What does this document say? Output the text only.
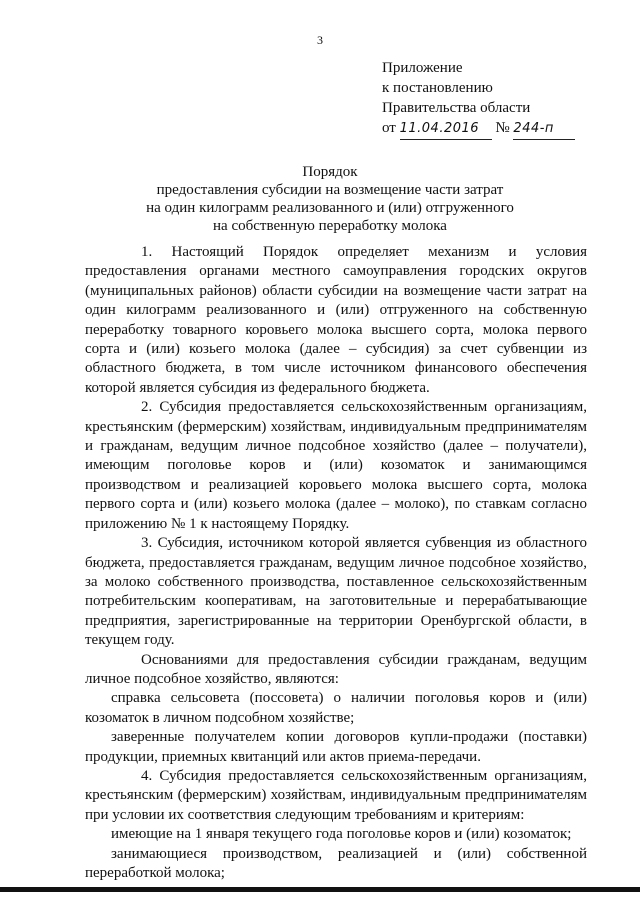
3
Приложение
к постановлению
Правительства области
от 11.04.2016 № 244-п
Порядок
предоставления субсидии на возмещение части затрат
на один килограмм реализованного и (или) отгруженного
на собственную переработку молока

1. Настоящий Порядок определяет механизм и условия предоставления органами местного самоуправления городских округов (муниципальных районов) области субсидии на возмещение части затрат на один килограмм реализованного и (или) отгруженного на собственную переработку товарного коровьего молока высшего сорта, молока первого сорта и (или) козьего молока (далее – субсидия) за счет субвенции из областного бюджета, в том числе источником финансового обеспечения которой является субсидия из федерального бюджета.

2. Субсидия предоставляется сельскохозяйственным организациям, крестьянским (фермерским) хозяйствам, индивидуальным предпринимателям и гражданам, ведущим личное подсобное хозяйство (далее – получатели), имеющим поголовье коров и (или) козоматок и занимающимся производством и реализацией коровьего молока высшего сорта, молока первого сорта и (или) козьего молока (далее – молоко), по ставкам согласно приложению № 1 к настоящему Порядку.

3. Субсидия, источником которой является субвенция из областного бюджета, предоставляется гражданам, ведущим личное подсобное хозяйство, за молоко собственного производства, поставленное сельскохозяйственным потребительским кооперативам, на заготовительные и перерабатывающие предприятия, зарегистрированные на территории Оренбургской области, в текущем году.

Основаниями для предоставления субсидии гражданам, ведущим личное подсобное хозяйство, являются:

справка сельсовета (поссовета) о наличии поголовья коров и (или) козоматок в личном подсобном хозяйстве;

заверенные получателем копии договоров купли-продажи (поставки) продукции, приемных квитанций или актов приема-передачи.

4. Субсидия предоставляется сельскохозяйственным организациям, крестьянским (фермерским) хозяйствам, индивидуальным предпринимателям при условии их соответствия следующим требованиям и критериям:

имеющие на 1 января текущего года поголовье коров и (или) козоматок;

занимающиеся производством, реализацией и (или) собственной переработкой молока;
